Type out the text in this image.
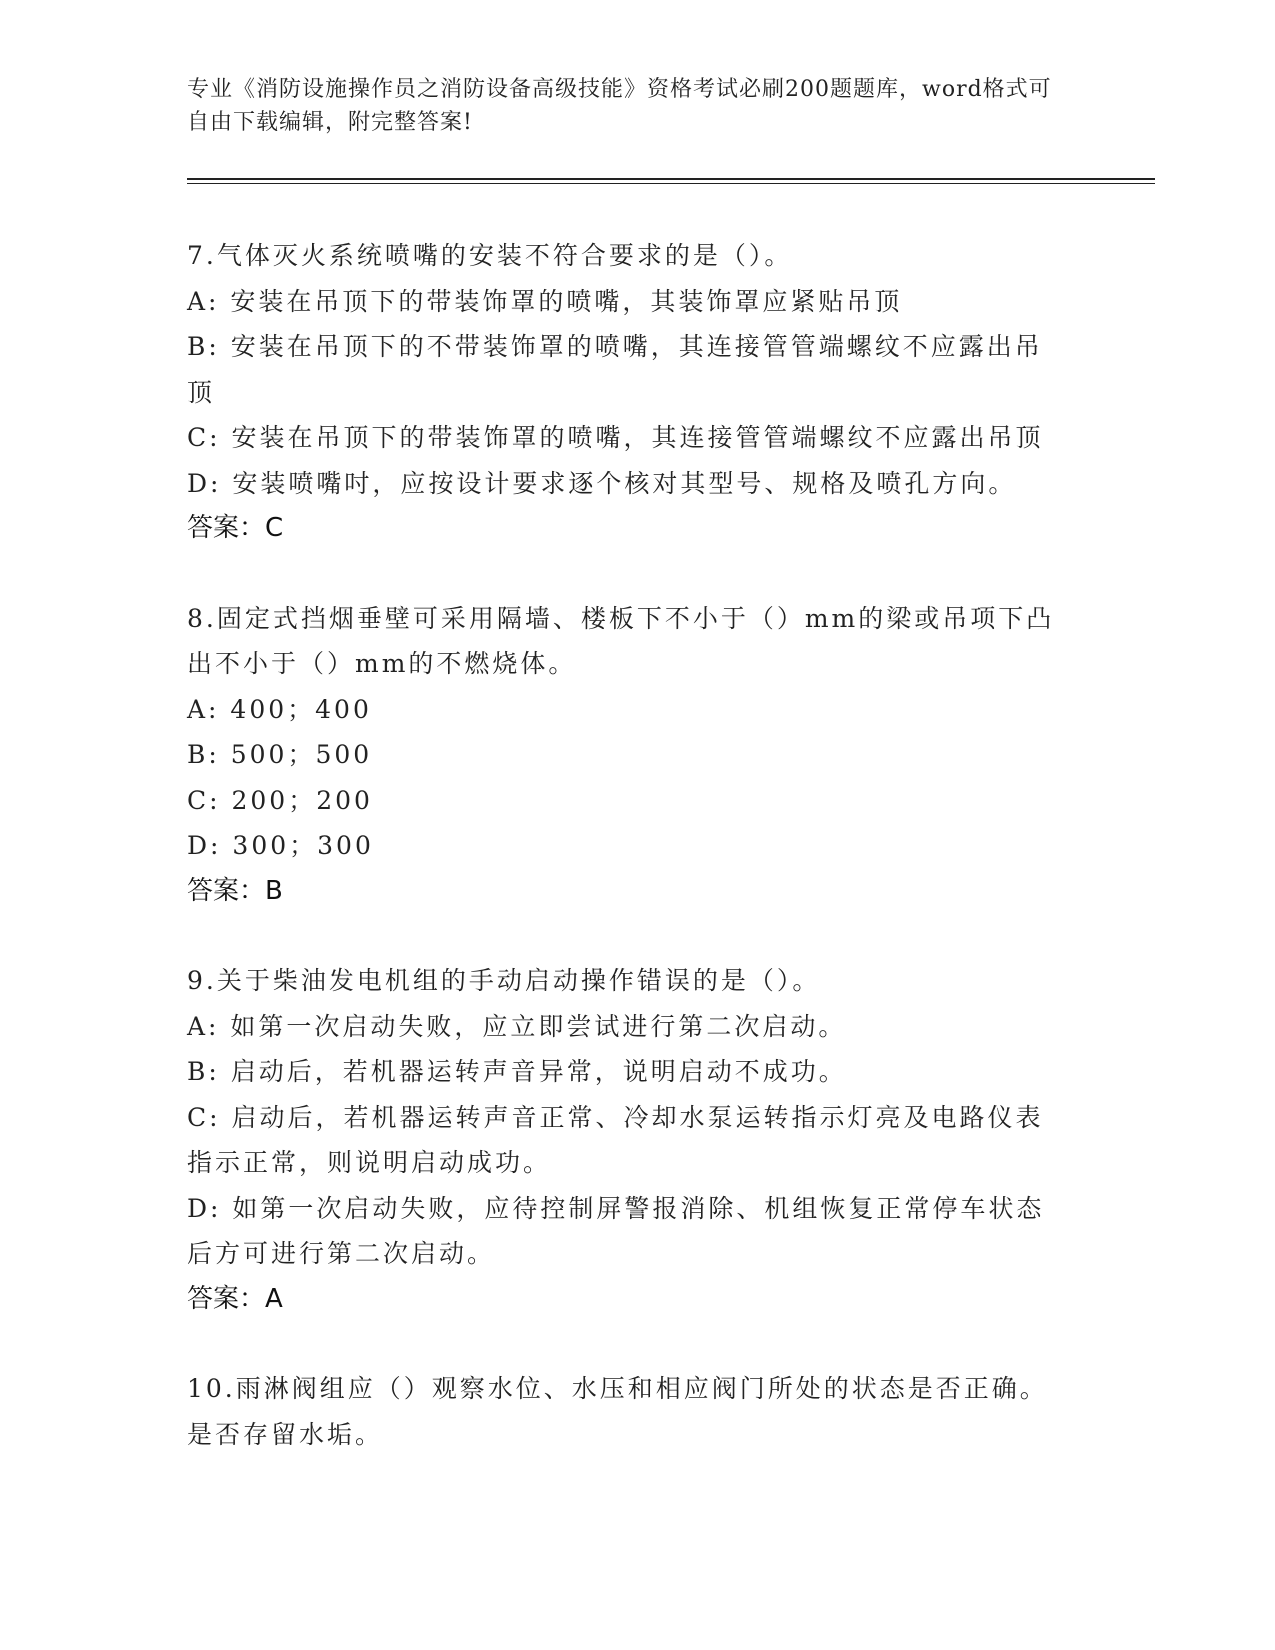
专业《消防设施操作员之消防设备高级技能》资格考试必刷200题题库，word格式可自由下载编辑，附完整答案!

7.气体灭火系统喷嘴的安装不符合要求的是（）。

A: 安装在吊顶下的带装饰罩的喷嘴，其装饰罩应紧贴吊顶

B: 安装在吊顶下的不带装饰罩的喷嘴，其连接管管端螺纹不应露出吊顶

C: 安装在吊顶下的带装饰罩的喷嘴，其连接管管端螺纹不应露出吊顶

D: 安装喷嘴吋，应按设计要求逐个核对其型号、规格及喷孔方向。

答案：C

8.固定式挡烟垂壁可采用隔墙、楼板下不小于（）mm的梁或吊项下凸出不小于（）mm的不燃烧体。

A: 400；400

B: 500；500

C: 200；200

D: 300；300

答案：B

9.关于柴油发电机组的手动启动操作错误的是（）。

A: 如第一次启动失败，应立即尝试进行第二次启动。

B: 启动后，若机器运转声音异常，说明启动不成功。

C: 启动后，若机器运转声音正常、冷却水泵运转指示灯亮及电路仪表指示正常，则说明启动成功。

D: 如第一次启动失败，应待控制屏警报消除、机组恢复正常停车状态后方可进行第二次启动。

答案：A

10.雨淋阀组应（）观察水位、水压和相应阀门所处的状态是否正确。是否存留水垢。
